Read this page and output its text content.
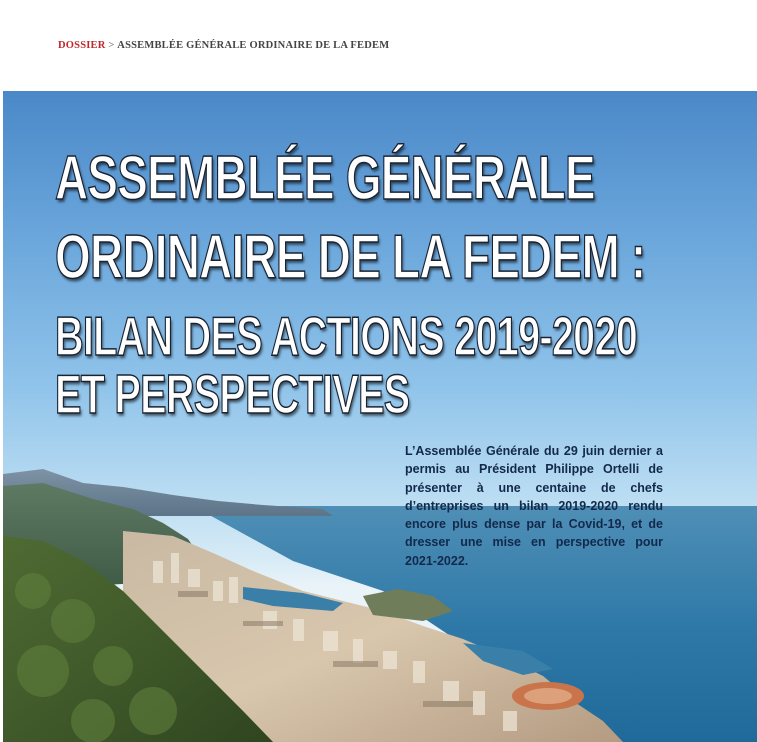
DOSSIER > ASSEMBLÉE GÉNÉRALE ORDINAIRE DE LA FEDEM
ASSEMBLÉE GÉNÉRALE
ORDINAIRE DE LA FEDEM :
BILAN DES ACTIONS 2019-2020
ET PERSPECTIVES

L’Assemblée Générale du 29 juin dernier a permis au Président Philippe Ortelli de présenter à une centaine de chefs d’entreprises un bilan 2019-2020 rendu encore plus dense par la Covid-19, et de dresser une mise en perspective pour 2021-2022.
